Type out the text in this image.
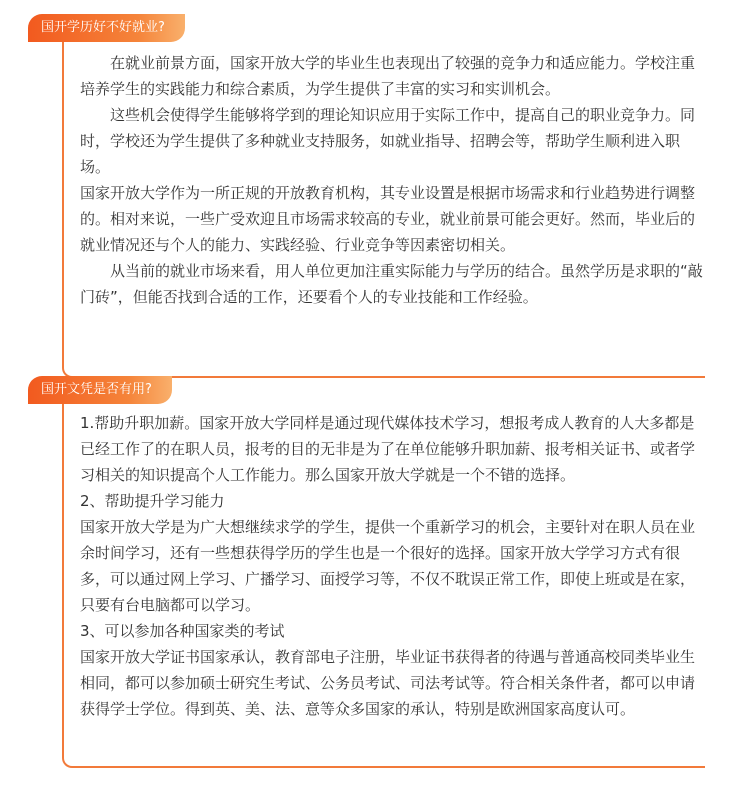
在就业前景方面，国家开放大学的毕业生也表现出了较强的竞争力和适应能力。学校注重培养学生的实践能力和综合素质，为学生提供了丰富的实习和实训机会。

这些机会使得学生能够将学到的理论知识应用于实际工作中，提高自己的职业竞争力。同时，学校还为学生提供了多种就业支持服务，如就业指导、招聘会等，帮助学生顺利进入职场。

国家开放大学作为一所正规的开放教育机构，其专业设置是根据市场需求和行业趋势进行调整的。相对来说，一些广受欢迎且市场需求较高的专业，就业前景可能会更好。然而，毕业后的就业情况还与个人的能力、实践经验、行业竞争等因素密切相关。

从当前的就业市场来看，用人单位更加注重实际能力与学历的结合。虽然学历是求职的“敲门砖”，但能否找到合适的工作，还要看个人的专业技能和工作经验。

国开学历好不好就业?

1.帮助升职加薪。国家开放大学同样是通过现代媒体技术学习，想报考成人教育的人大多都是已经工作了的在职人员，报考的目的无非是为了在单位能够升职加薪、报考相关证书、或者学习相关的知识提高个人工作能力。那么国家开放大学就是一个不错的选择。

2、帮助提升学习能力

国家开放大学是为广大想继续求学的学生，提供一个重新学习的机会，主要针对在职人员在业余时间学习，还有一些想获得学历的学生也是一个很好的选择。国家开放大学学习方式有很多，可以通过网上学习、广播学习、面授学习等，不仅不耽误正常工作，即使上班或是在家，只要有台电脑都可以学习。

3、可以参加各种国家类的考试

国家开放大学证书国家承认，教育部电子注册，毕业证书获得者的待遇与普通高校同类毕业生相同，都可以参加硕士研究生考试、公务员考试、司法考试等。符合相关条件者，都可以申请获得学士学位。得到英、美、法、意等众多国家的承认，特别是欧洲国家高度认可。

国开文凭是否有用?
